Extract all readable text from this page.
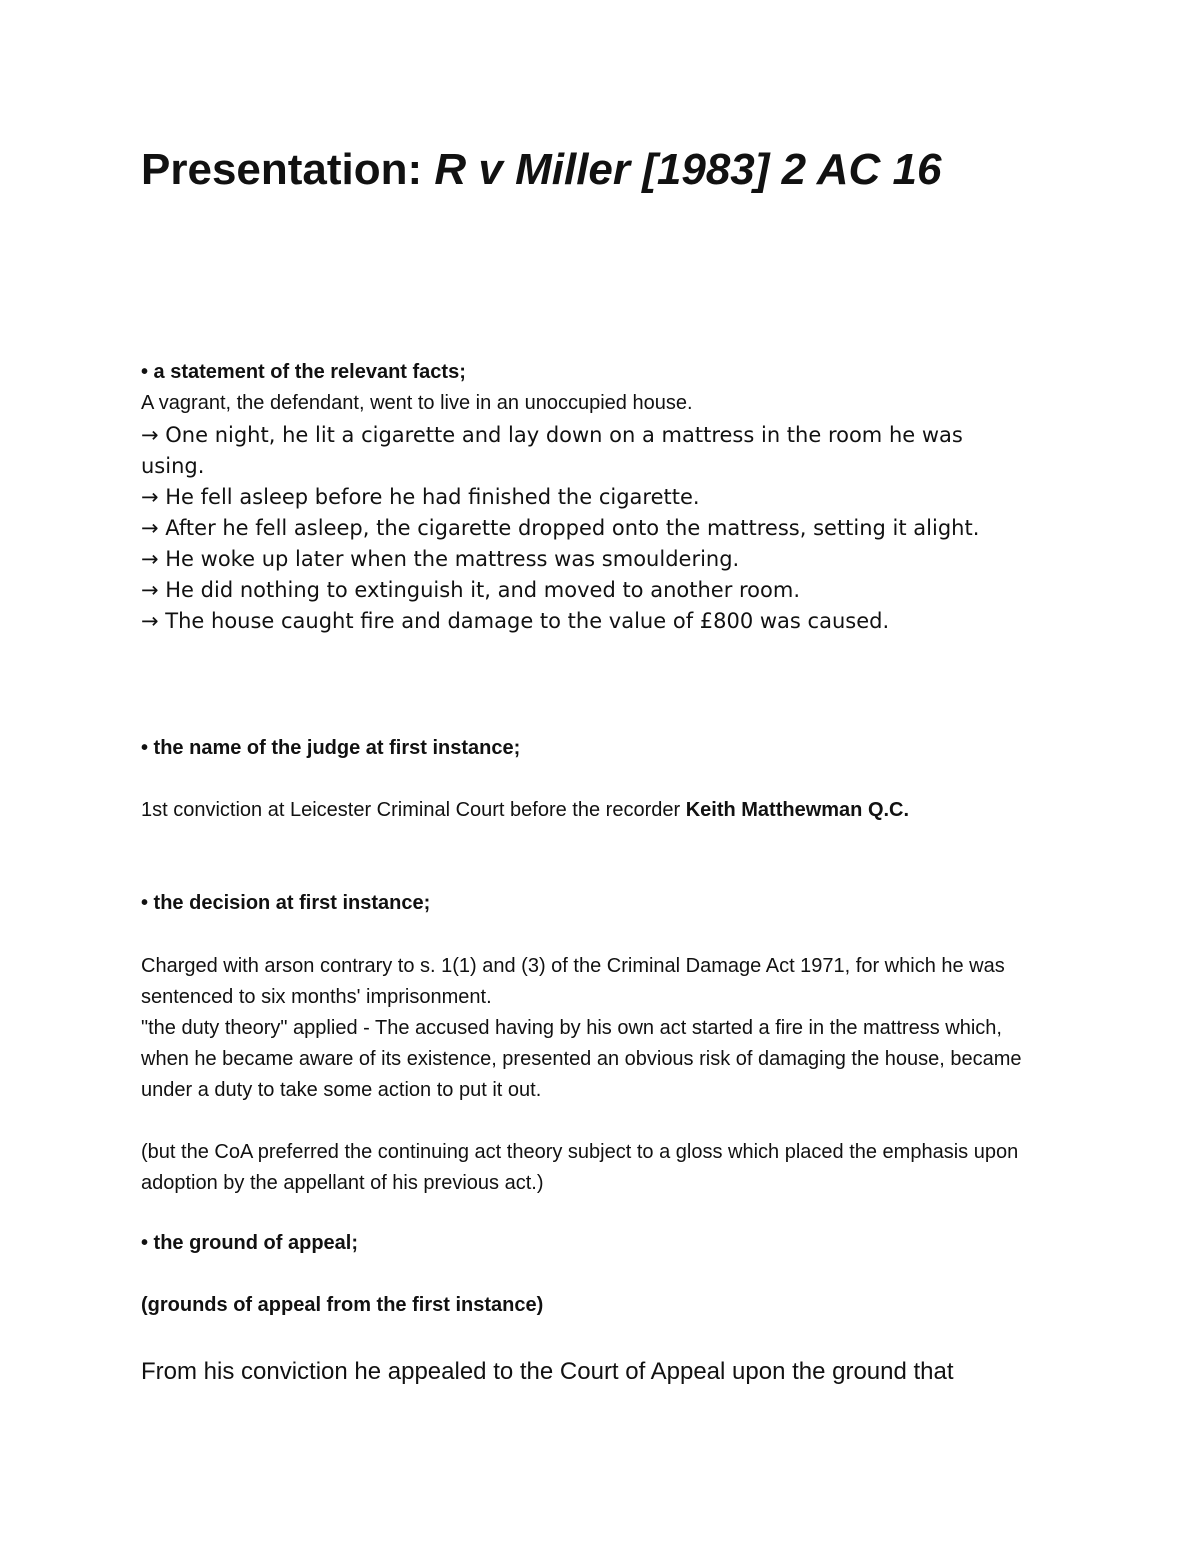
Presentation: R v Miller [1983] 2 AC 16
• a statement of the relevant facts;
A vagrant, the defendant, went to live in an unoccupied house.

→ One night, he lit a cigarette and lay down on a mattress in the room he was using.

→ He fell asleep before he had finished the cigarette.

→ After he fell asleep, the cigarette dropped onto the mattress, setting it alight.

→ He woke up later when the mattress was smouldering.

→ He did nothing to extinguish it, and moved to another room.

→ The house caught fire and damage to the value of £800 was caused.

• the name of the judge at first instance;
1st conviction at Leicester Criminal Court before the recorder Keith Matthewman Q.C.
• the decision at first instance;

Charged with arson contrary to s. 1(1) and (3) of the Criminal Damage Act 1971, for which he was sentenced to six months' imprisonment.

"the duty theory" applied - The accused having by his own act started a fire in the mattress which, when he became aware of its existence, presented an obvious risk of damaging the house, became under a duty to take some action to put it out.

(but the CoA preferred the continuing act theory subject to a gloss which placed the emphasis upon adoption by the appellant of his previous act.)

• the ground of appeal;
(grounds of appeal from the first instance)
From his conviction he appealed to the Court of Appeal upon the ground that
